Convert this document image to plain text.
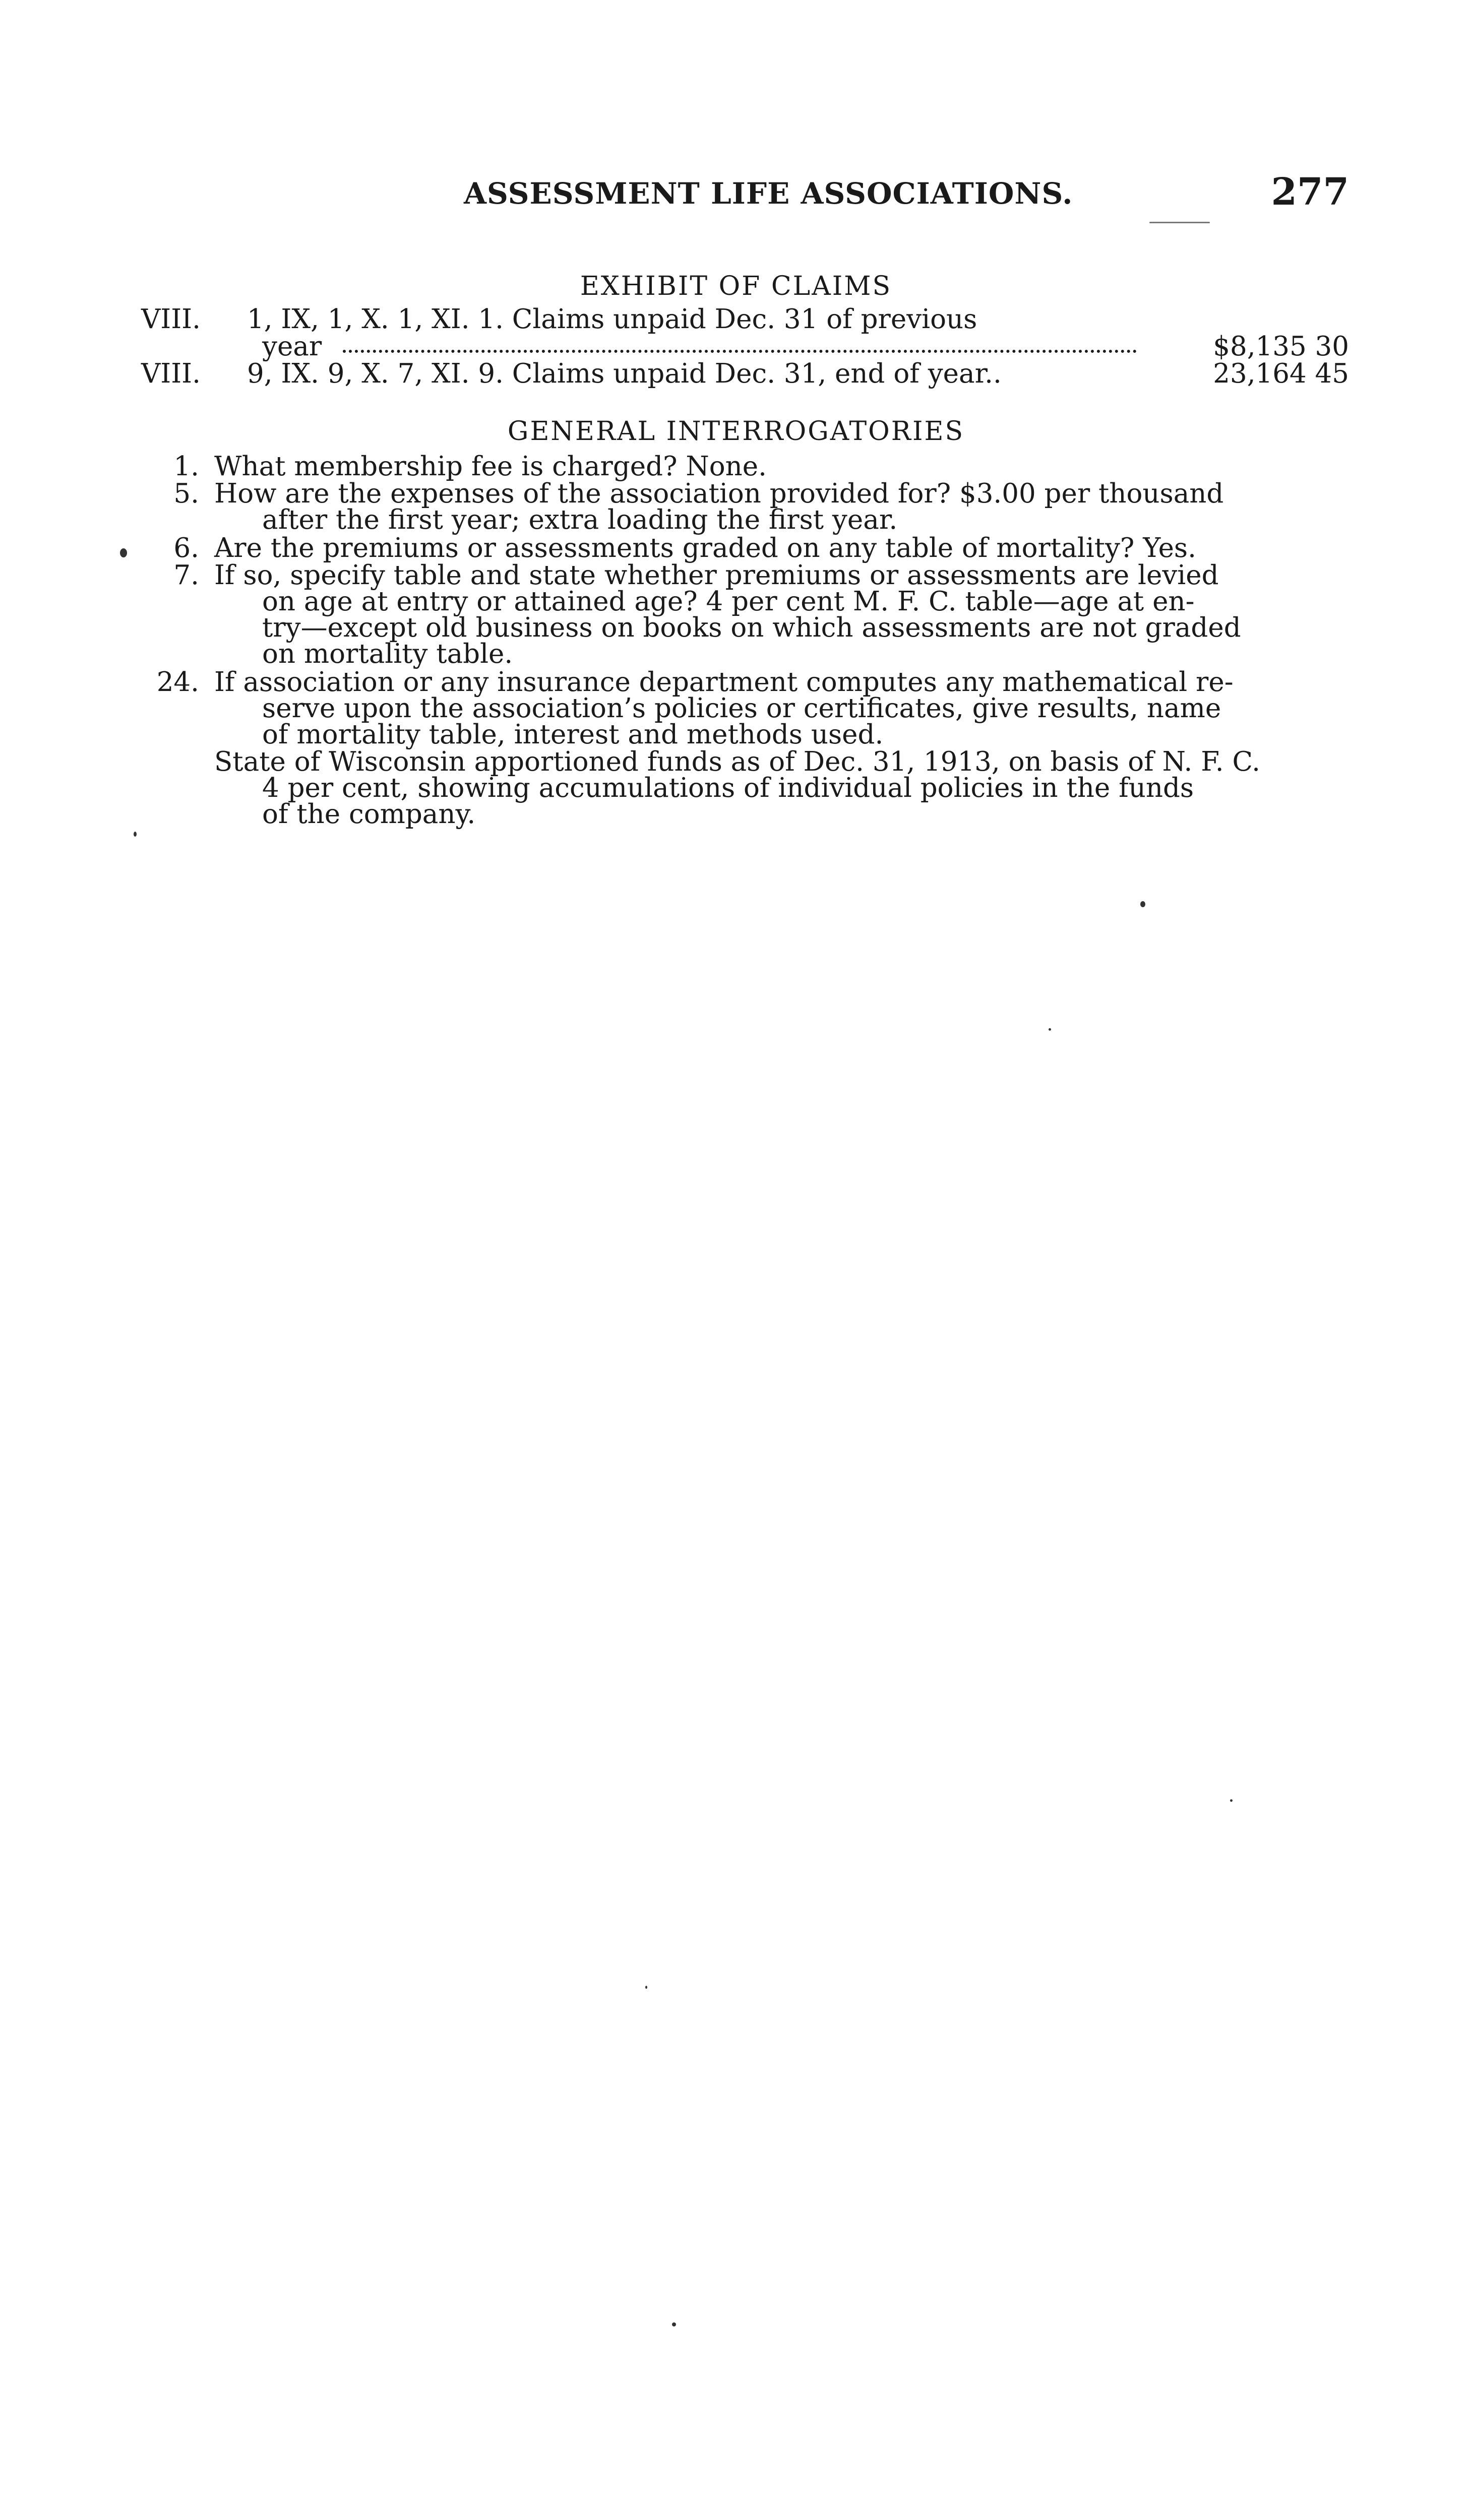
ASSESSMENT LIFE ASSOCIATIONS.	277
EXHIBIT OF CLAIMS
VIII. 1, IX, 1, X. 1, XI. 1. Claims unpaid Dec. 31 of previous
year	$8,135 30
VIII. 9, IX. 9, X. 7, XI. 9. Claims unpaid Dec. 31, end of year..	23,164 45
GENERAL INTERROGATORIES
1. What membership fee is charged? None.
5. How are the expenses of the association provided for? $3.00 per thousand
after the first year; extra loading the first year.
6. Are the premiums or assessments graded on any table of mortality? Yes.
7. If so, specify table and state whether premiums or assessments are levied
on age at entry or attained age? 4 per cent M. F. C. table—age at en-
try—except old business on books on which assessments are not graded
on mortality table.
24. If association or any insurance department computes any mathematical re-
serve upon the association’s policies or certificates, give results, name
of mortality table, interest and methods used.
State of Wisconsin apportioned funds as of Dec. 31, 1913, on basis of N. F. C.
4 per cent, showing accumulations of individual policies in the funds
of the company.
